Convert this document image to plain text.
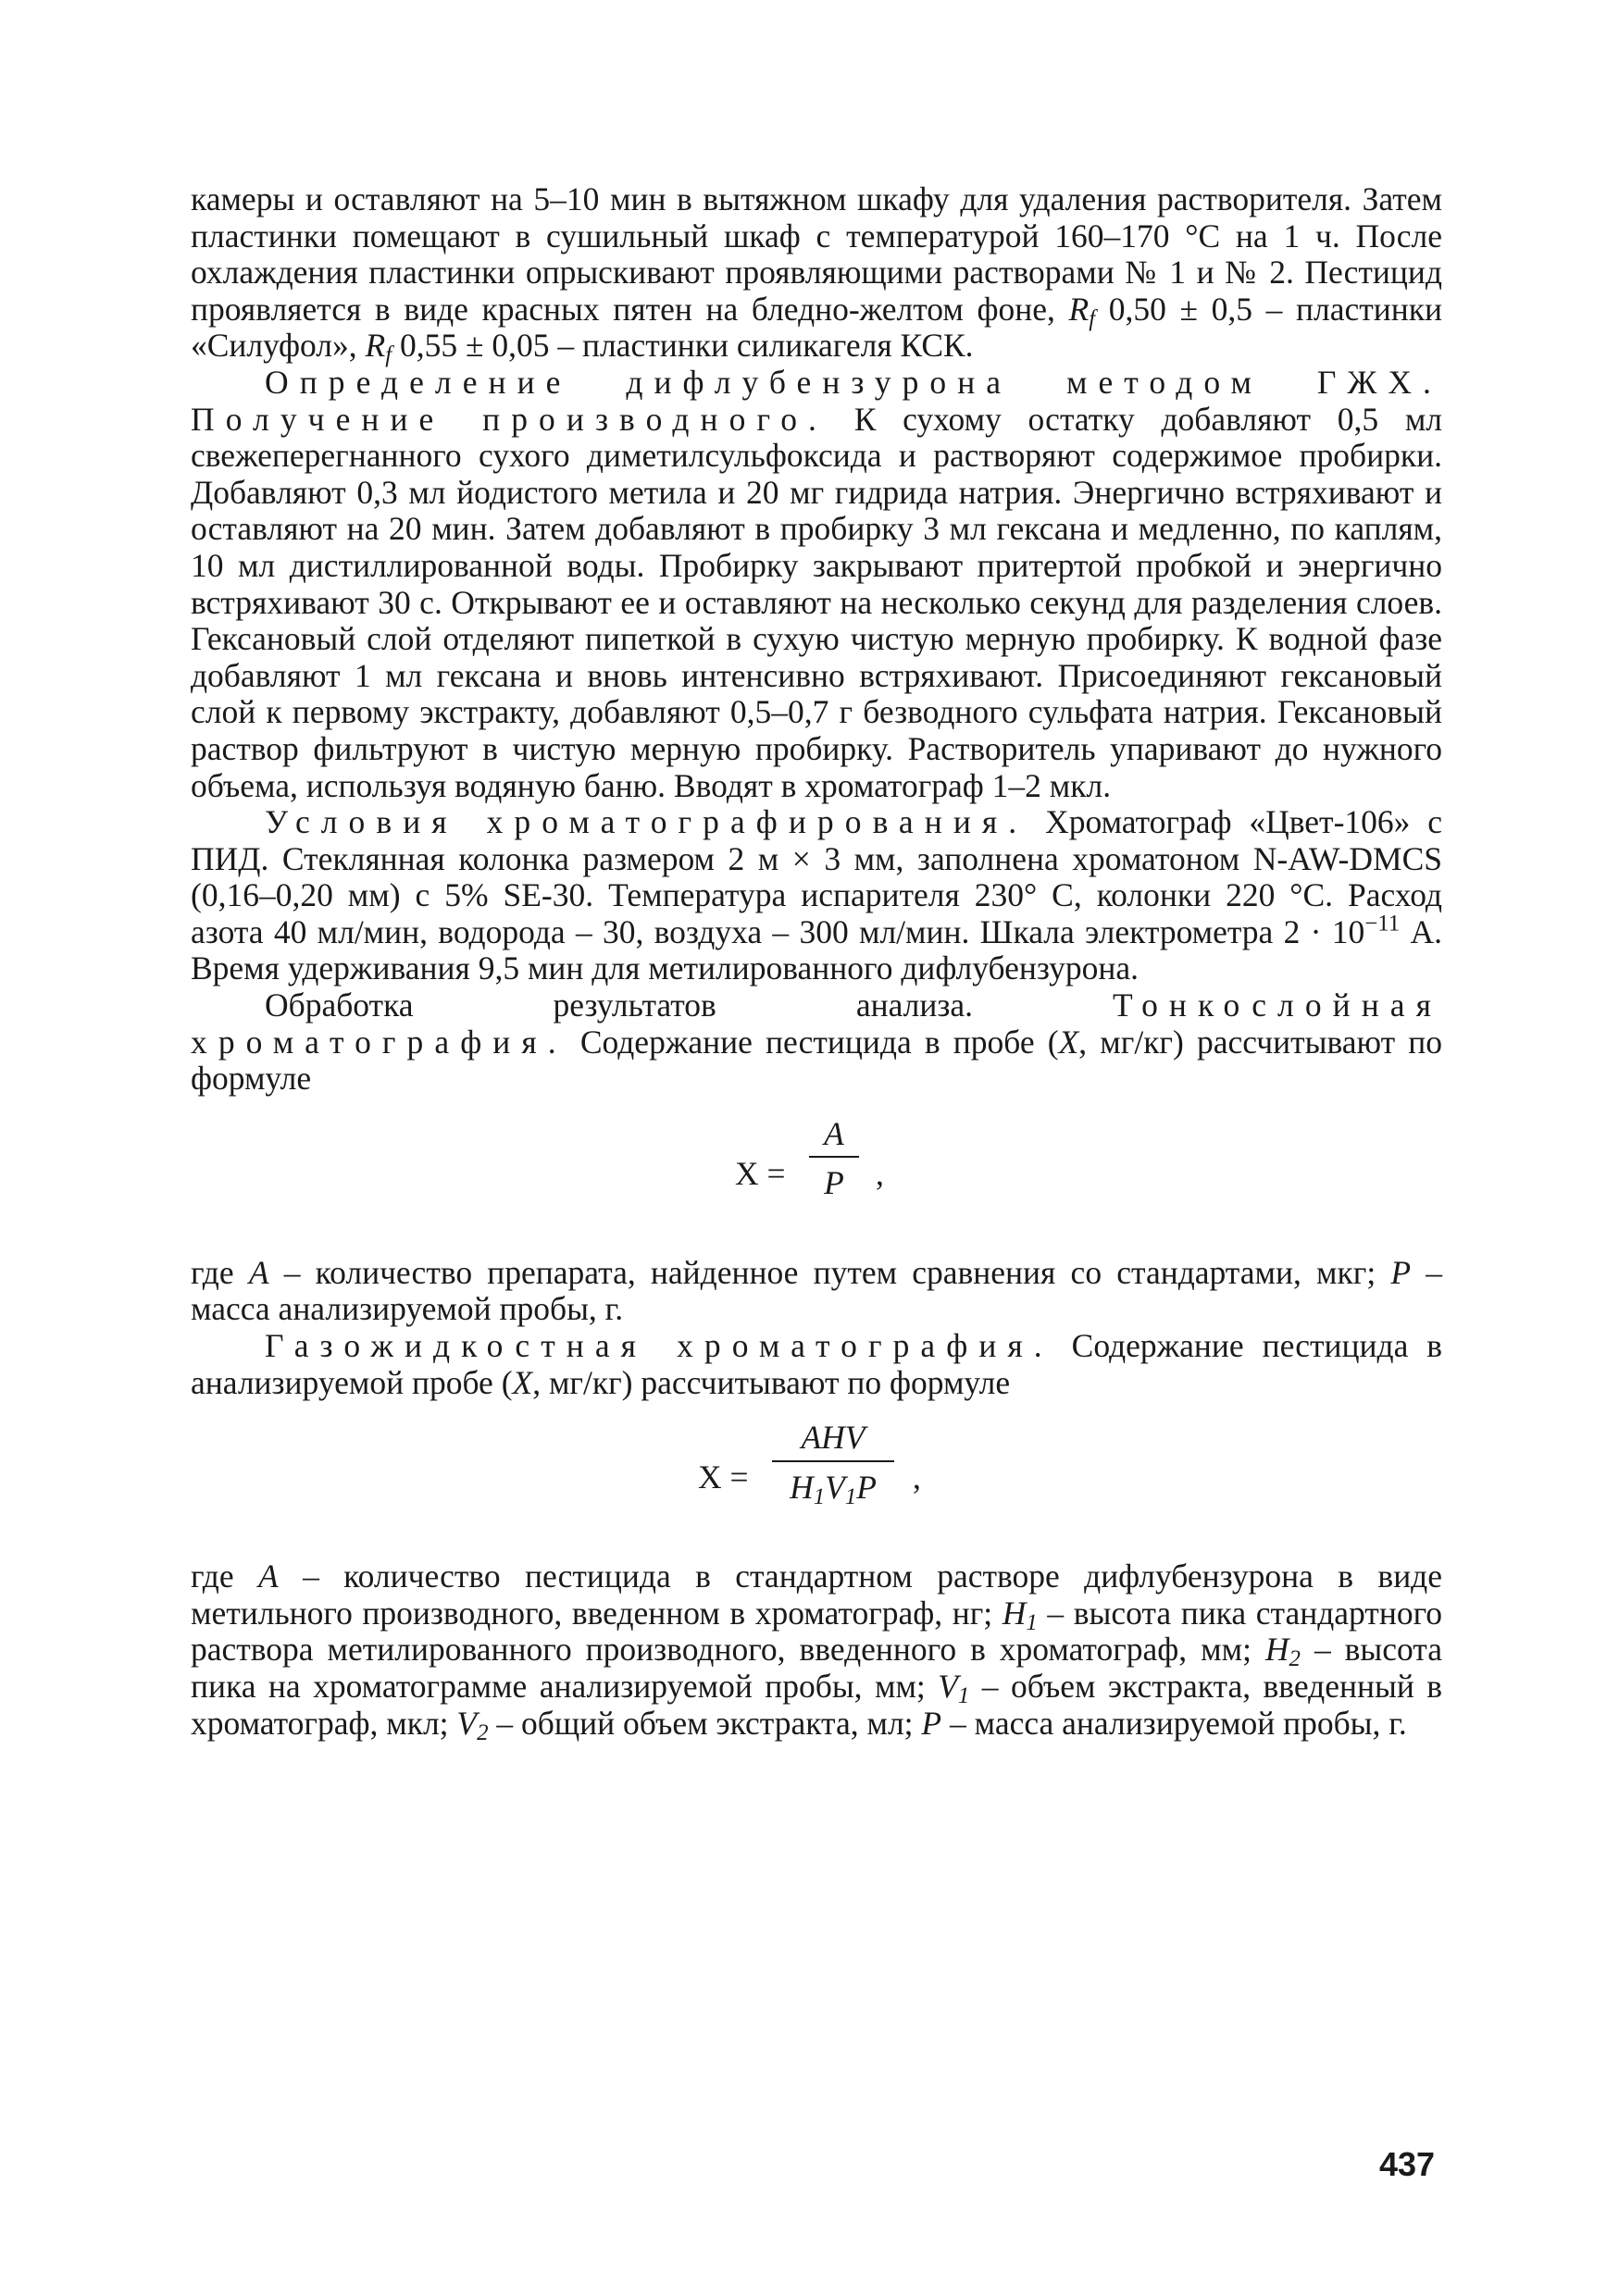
камеры и оставляют на 5–10 мин в вытяжном шкафу для удаления растворителя. Затем пластинки помещают в сушильный шкаф с температурой 160–170 °С на 1 ч. После охлаждения пластинки опрыскивают проявляющими растворами № 1 и № 2. Пестицид проявляется в виде красных пятен на бледно-желтом фоне, $R_f$ 0,50 ± 0,5 – пластинки «Силуфол», $R_f$ 0,55 ± 0,05 – пластинки силикагеля КСК.

Определение дифлубензурона методом ГЖХ. Получение производного. К сухому остатку добавляют 0,5 мл свежеперегнанного сухого диметилсульфоксида и растворяют содержимое пробирки. Добавляют 0,3 мл йодистого метила и 20 мг гидрида натрия. Энергично встряхивают и оставляют на 20 мин. Затем добавляют в пробирку 3 мл гексана и медленно, по каплям, 10 мл дистиллированной воды. Пробирку закрывают притертой пробкой и энергично встряхивают 30 с. Открывают ее и оставляют на несколько секунд для разделения слоев. Гексановый слой отделяют пипеткой в сухую чистую мерную пробирку. К водной фазе добавляют 1 мл гексана и вновь интенсивно встряхивают. Присоединяют гексановый слой к первому экстракту, добавляют 0,5–0,7 г безводного сульфата натрия. Гексановый раствор фильтруют в чистую мерную пробирку. Растворитель упаривают до нужного объема, используя водяную баню. Вводят в хроматограф 1–2 мкл.

Условия хроматографирования. Хроматограф «Цвет-106» с ПИД. Стеклянная колонка размером 2 м × 3 мм, заполнена хроматоном N-AW-DMCS (0,16–0,20 мм) с 5% SE-30. Температура испарителя 230° С, колонки 220 °С. Расход азота 40 мл/мин, водорода – 30, воздуха – 300 мл/мин. Шкала электрометра $2 \cdot 10^{-11}$ А. Время удерживания 9,5 мин для метилированного дифлубензурона.

Обработка результатов анализа.	Тонкослойная хроматография. Содержание пестицида в пробе (X, мг/кг) рассчитывают по формуле

X =
A
P ,

где A – количество препарата, найденное путем сравнения со стандартами, мкг; P – масса анализируемой пробы, г.

Газожидкостная хроматография. Содержание пестицида в анализируемой пробе (X, мг/кг) рассчитывают по формуле

X =
AHV
$H_1V_1P$	,

где A – количество пестицида в стандартном растворе дифлубензурона в виде метильного производного, введенном в хроматограф, нг; $H_1$ – высота пика стандартного раствора метилированного производного, введенного в хроматограф, мм; $H_2$ – высота пика на хроматограмме анализируемой пробы, мм; $V_1$ – объем экстракта, введенный в хроматограф, мкл; $V_2$ – общий объем экстракта, мл; P – масса анализируемой пробы, г.

437
